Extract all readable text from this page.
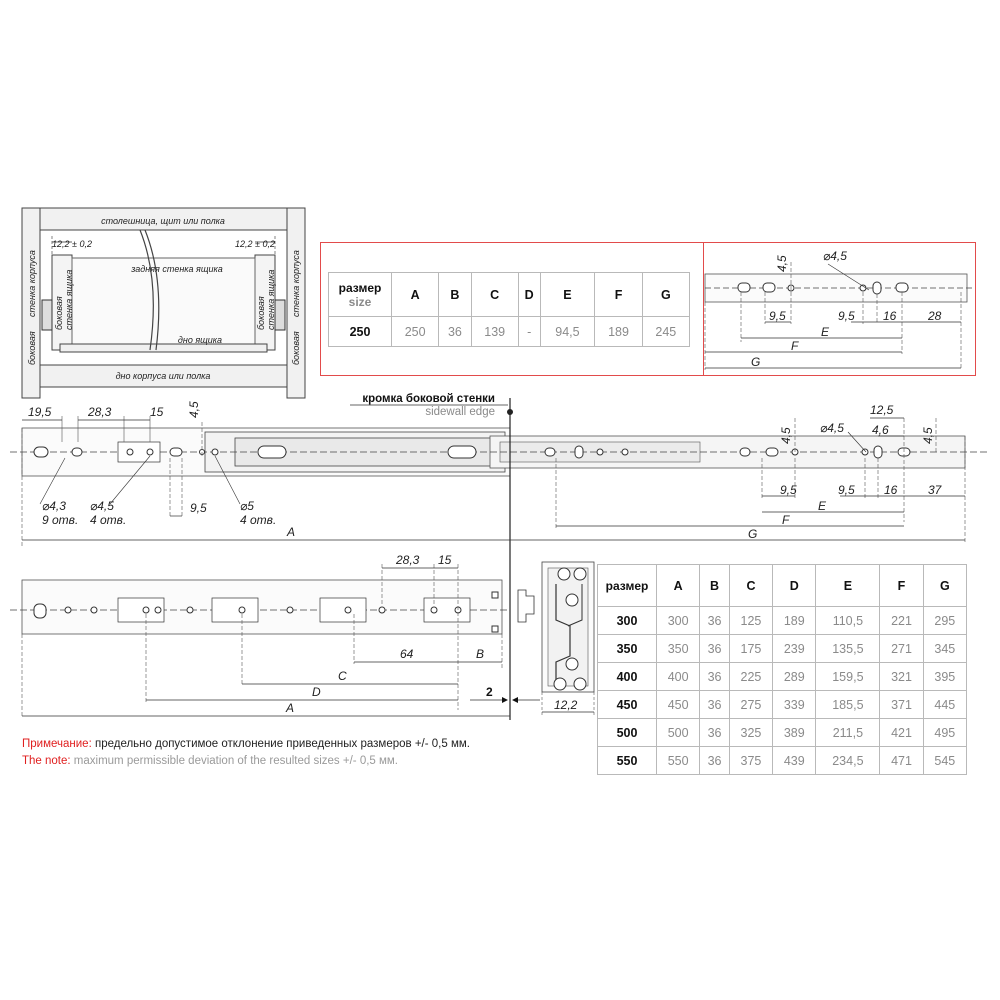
столешница, щит или полка
12,2 ± 0,2	12,2 ± 0,2
задняя стенка ящика
дно ящика
дно корпуса или полка
боковая
стенка корпуса боковая стенка ящика	боковая стенка ящика
боковая
стенка корпуса	размер
size	A	B	C	D	E	F	G
250	250	36	139	-	94,5	189	245
4,5	⌀4,5
9,5	9,5 16	28
E
F
G
кромка боковой стенки
sidewall edge
19,5	28,3	15 4,5
⌀4,3
9 отв.
⌀4,5
4 отв.
9,5	⌀5
4 отв.
A
12,5
4,5 ⌀4,5 4,6	4,5
9,5	9,5 16	37
E
F
G
28,3 15
64	B
C
D
A
2
12,2
размер	A	B	C	D	E	F	G
300	300	36	125	189	110,5	221	295
350	350	36	175	239	135,5	271	345
400	400	36	225	289	159,5	321	395
450	450	36	275	339	185,5	371	445
500	500	36	325	389	211,5	421	495
550	550	36	375	439	234,5	471	545
Примечание: предельно допустимое отклонение приведенных размеров +/- 0,5 мм.
The note: maximum permissible deviation of the resulted sizes +/- 0,5 мм.
